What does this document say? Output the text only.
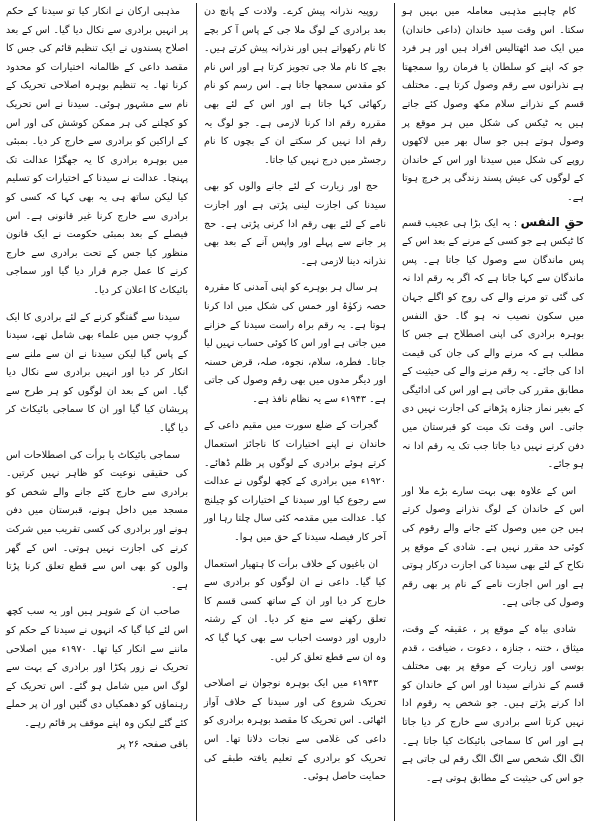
کام چاہیے مذہبی معاملہ میں بہیں ہو سکتا۔ اس وقت سید خاندان (داعی خاندان) میں ایک صد اٹھتالیس افراد ہیں اور ہر فرد جو کہ اپنے کو سلطان یا فرمان روا سمجھتا ہے نذرانوں سے رقم وصول کرتا ہے۔ مختلف قسم کے نذرانے سلام مکھ وصول کئے جاتے ہیں یہ ٹیکس کی شکل میں ہر موقع پر وصول ہوتے ہیں جو سال بھر میں لاکھوں روپے کی شکل میں سیدنا اور اس کے خاندان کے لوگوں کی عیش پسند زندگی پر خرچ ہوتا ہے۔

حقِ النفس : یہ ایک بڑا ہی عجیب قسم کا ٹیکس ہے جو کسی کے مرنے کے بعد اس کے پس ماندگان سے وصول کیا جاتا ہے۔ پس ماندگان سے کہا جاتا ہے کہ اگر یہ رقم ادا نہ کی گئی تو مرنے والے کی روح کو اگلے جہان میں سکون نصیب نہ ہو گا۔ حق النفس بوہرہ برادری کی اپنی اصطلاح ہے جس کا مطلب ہے کہ مرنے والے کی جان کی قیمت ادا کی جائے۔ یہ رقم مرنے والے کی حیثیت کے مطابق مقرر کی جاتی ہے اور اس کی ادائیگی کے بغیر نماز جنازہ پڑھانے کی اجازت نہیں دی جاتی۔ اس وقت تک میت کو قبرستان میں دفن کرنے نہیں دیا جاتا جب تک یہ رقم ادا نہ ہو جائے۔

اس کے علاوہ بھی بہت سارے بڑے ملا اور اس کے خاندان کے لوگ نذرانے وصول کرتے ہیں جن میں وصول کئے جانے والے رقوم کی کوئی حد مقرر نہیں ہے۔ شادی کے موقع پر نکاح کے لئے بھی سیدنا کی اجازت درکار ہوتی ہے اور اس اجازت نامے کے نام پر بھی رقم وصول کی جاتی ہے۔

شادی بیاہ کے موقع پر ، عقیقہ کے وقت، میثاق ، ختنہ ، جنازہ ، دعوت ، ضیافت ، قدم بوسی اور زیارت کے موقع پر بھی مختلف قسم کے نذرانے سیدنا اور اس کے خاندان کو ادا کرنے پڑتے ہیں۔ جو شخص یہ رقوم ادا نہیں کرتا اسے برادری سے خارج کر دیا جاتا ہے اور اس کا سماجی بائیکاٹ کیا جاتا ہے۔ الگ الگ شخص سے الگ الگ رقم لی جاتی ہے جو اس کی حیثیت کے مطابق ہوتی ہے۔

روپیہ نذرانہ پیش کرے۔ ولادت کے پانچ دن بعد برادری کے لوگ ملا جی کے پاس آ کر بچے کا نام رکھواتے ہیں اور نذرانہ پیش کرتے ہیں۔ بچے کا نام ملا جی تجویز کرتا ہے اور اس نام کو مقدس سمجھا جاتا ہے۔ اس رسم کو نام رکھائی کہا جاتا ہے اور اس کے لئے بھی مقررہ رقم ادا کرنا لازمی ہے۔ جو لوگ یہ رقم ادا نہیں کر سکتے ان کے بچوں کا نام رجسٹر میں درج نہیں کیا جاتا۔

حج اور زیارت کے لئے جانے والوں کو بھی سیدنا کی اجازت لینی پڑتی ہے اور اجازت نامے کے لئے بھی رقم ادا کرنی پڑتی ہے۔ حج پر جانے سے پہلے اور واپس آنے کے بعد بھی نذرانہ دینا لازمی ہے۔

ہر سال ہر بوہرے کو اپنی آمدنی کا مقررہ حصہ زکوٰۃ اور خمس کی شکل میں ادا کرنا ہوتا ہے۔ یہ رقم براہ راست سیدنا کے خزانے میں جاتی ہے اور اس کا کوئی حساب نہیں لیا جاتا۔ فطرہ، سلام، نجوہ، صلہ، قرض حسنہ اور دیگر مدوں میں بھی رقم وصول کی جاتی ہے۔ ۱۹۴۳ء سے یہ نظام نافذ ہے۔

گجرات کے ضلع سورت میں مقیم داعی کے خاندان نے اپنے اختیارات کا ناجائز استعمال کرتے ہوئے برادری کے لوگوں پر ظلم ڈھائے۔ ۱۹۲۰ء میں برادری کے کچھ لوگوں نے عدالت سے رجوع کیا اور سیدنا کے اختیارات کو چیلنج کیا۔ عدالت میں مقدمہ کئی سال چلتا رہا اور آخر کار فیصلہ سیدنا کے حق میں ہوا۔

ان باغیوں کے خلاف برأت کا ہتھیار استعمال کیا گیا۔ داعی نے ان لوگوں کو برادری سے خارج کر دیا اور ان کے ساتھ کسی قسم کا تعلق رکھنے سے منع کر دیا۔ ان کے رشتہ داروں اور دوست احباب سے بھی کہا گیا کہ وہ ان سے قطع تعلق کر لیں۔

۱۹۴۳ء میں ایک بوہرہ نوجوان نے اصلاحی تحریک شروع کی اور سیدنا کے خلاف آواز اٹھائی۔ اس تحریک کا مقصد بوہرہ برادری کو داعی کی غلامی سے نجات دلانا تھا۔ اس تحریک کو برادری کے تعلیم یافتہ طبقے کی حمایت حاصل ہوئی۔

مذہبی ارکان نے انکار کیا تو سیدنا کے حکم پر انہیں برادری سے نکال دیا گیا۔ اس کے بعد اصلاح پسندوں نے ایک تنظیم قائم کی جس کا مقصد داعی کے ظالمانہ اختیارات کو محدود کرنا تھا۔ یہ تنظیم بوہرہ اصلاحی تحریک کے نام سے مشہور ہوئی۔ سیدنا نے اس تحریک کو کچلنے کی ہر ممکن کوشش کی اور اس کے اراکین کو برادری سے خارج کر دیا۔ بمبئی میں بوہرہ برادری کا یہ جھگڑا عدالت تک پہنچا۔ عدالت نے سیدنا کے اختیارات کو تسلیم کیا لیکن ساتھ ہی یہ بھی کہا کہ کسی کو برادری سے خارج کرنا غیر قانونی ہے۔ اس فیصلے کے بعد بمبئی حکومت نے ایک قانون منظور کیا جس کے تحت برادری سے خارج کرنے کا عمل جرم قرار دیا گیا اور سماجی بائیکاٹ کا اعلان کر دیا۔

سیدنا سے گفتگو کرنے کے لئے برادری کا ایک گروپ جس میں علماء بھی شامل تھے، سیدنا کے پاس گیا لیکن سیدنا نے ان سے ملنے سے انکار کر دیا اور انہیں برادری سے نکال دیا گیا۔ اس کے بعد ان لوگوں کو ہر طرح سے پریشان کیا گیا اور ان کا سماجی بائیکاٹ کر دیا گیا۔

سماجی بائیکاٹ یا برأت کی اصطلاحات اس کی حقیقی نوعیت کو ظاہر نہیں کرتیں۔ برادری سے خارج کئے جانے والے شخص کو مسجد میں داخل ہونے، قبرستان میں دفن ہونے اور برادری کی کسی تقریب میں شرکت کرنے کی اجازت نہیں ہوتی۔ اس کے گھر والوں کو بھی اس سے قطع تعلق کرنا پڑتا ہے۔

صاحب ان کے شوہر ہیں اور یہ سب کچھ اس لئے کیا گیا کہ انہوں نے سیدنا کے حکم کو ماننے سے انکار کیا تھا۔ ۱۹۷۰ء میں اصلاحی تحریک نے زور پکڑا اور برادری کے بہت سے لوگ اس میں شامل ہو گئے۔ اس تحریک کے رہنماؤں کو دھمکیاں دی گئیں اور ان پر حملے کئے گئے لیکن وہ اپنے موقف پر قائم رہے۔

باقی صفحہ ۲۶ پر
